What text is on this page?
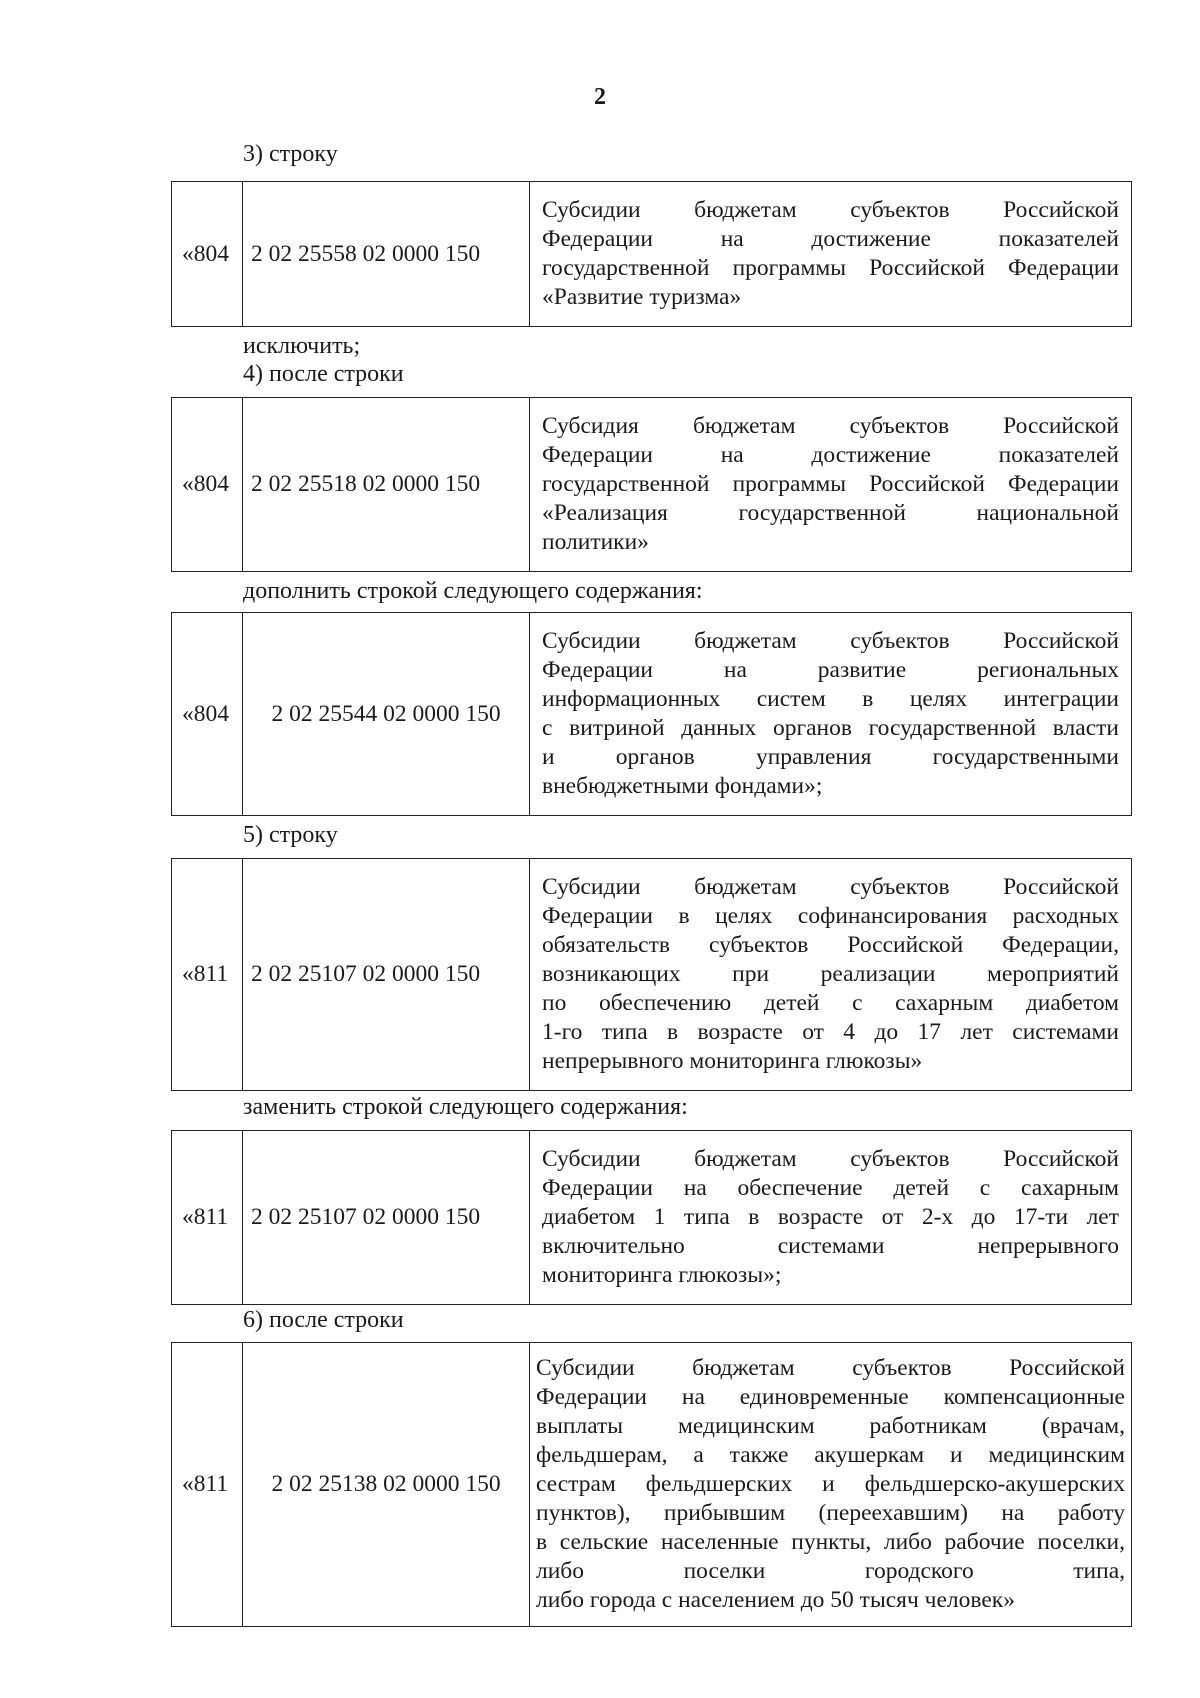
2
3) строку
«804	2 02 25558 02 0000 150	
Субсидии бюджетам субъектов Российской
Федерации на достижение показателей
государственной программы Российской Федерации
«Развитие туризма»
исключить;
4) после строки
«804	2 02 25518 02 0000 150	
Субсидия бюджетам субъектов Российской
Федерации на достижение показателей
государственной программы Российской Федерации
«Реализация государственной национальной
политики»
дополнить строкой следующего содержания:
«804	2 02 25544 02 0000 150	
Субсидии бюджетам субъектов Российской
Федерации на развитие региональных
информационных систем в целях интеграции
с витриной данных органов государственной власти
и органов управления государственными
внебюджетными фондами»;
5) строку
«811	2 02 25107 02 0000 150	
Субсидии бюджетам субъектов Российской
Федерации в целях софинансирования расходных
обязательств субъектов Российской Федерации,
возникающих при реализации мероприятий
по обеспечению детей с сахарным диабетом
1-го типа в возрасте от 4 до 17 лет системами
непрерывного мониторинга глюкозы»
заменить строкой следующего содержания:
«811	2 02 25107 02 0000 150	
Субсидии бюджетам субъектов Российской
Федерации на обеспечение детей с сахарным
диабетом 1 типа в возрасте от 2-х до 17-ти лет
включительно системами непрерывного
мониторинга глюкозы»;
6) после строки
«811	2 02 25138 02 0000 150	
Субсидии бюджетам субъектов Российской
Федерации на единовременные компенсационные
выплаты медицинским работникам (врачам,
фельдшерам, а также акушеркам и медицинским
сестрам фельдшерских и фельдшерско-акушерских
пунктов), прибывшим (переехавшим) на работу
в сельские населенные пункты, либо рабочие поселки,
либо поселки городского типа,
либо города с населением до 50 тысяч человек»
